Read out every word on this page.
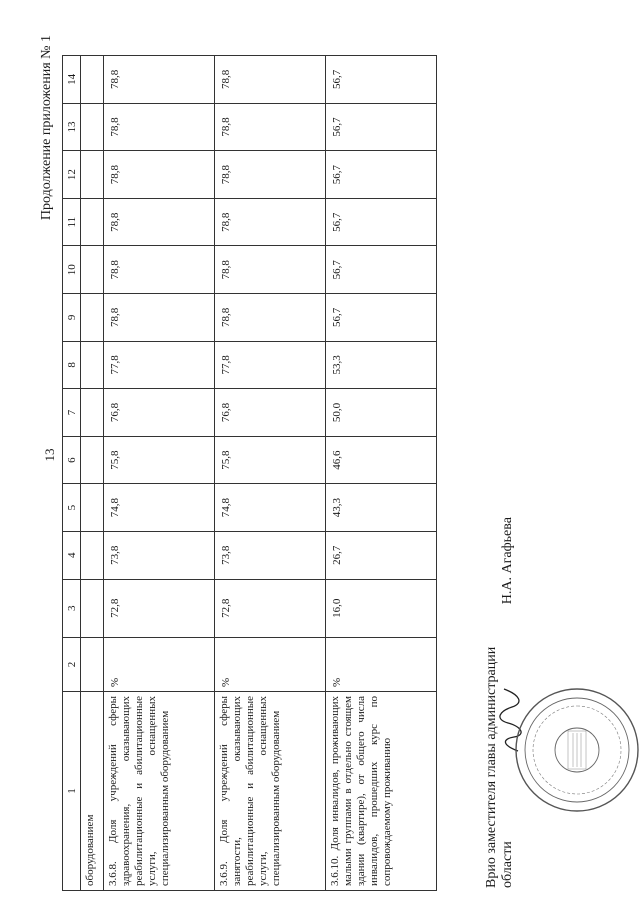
13
Продолжение приложения № 1
1	2	3	4	5	6	7	8	9	10	11	12	13	14
оборудованием													
3.6.8. Доля учреждений сферы здравоохранения, оказывающих реабилитационные и абилитационные услуги, оснащенных специализированным оборудованием	%	72,8	73,8	74,8	75,8	76,8	77,8	78,8	78,8	78,8	78,8	78,8	78,8
3.6.9. Доля учреждений сферы занятости, оказывающих реабилитационные и абилитационные услуги, оснащенных специализированным оборудованием	%	72,8	73,8	74,8	75,8	76,8	77,8	78,8	78,8	78,8	78,8	78,8	78,8
3.6.10. Доля инвалидов, проживающих малыми группами в отдельно стоящем здании (квартире), от общего числа инвалидов, прошедших курс по сопровождаемому проживанию	%	16,0	26,7	43,3	46,6	50,0	53,3	56,7	56,7	56,7	56,7	56,7	56,7
Врио заместителя главы администрации области  Н.А. Агафьева
